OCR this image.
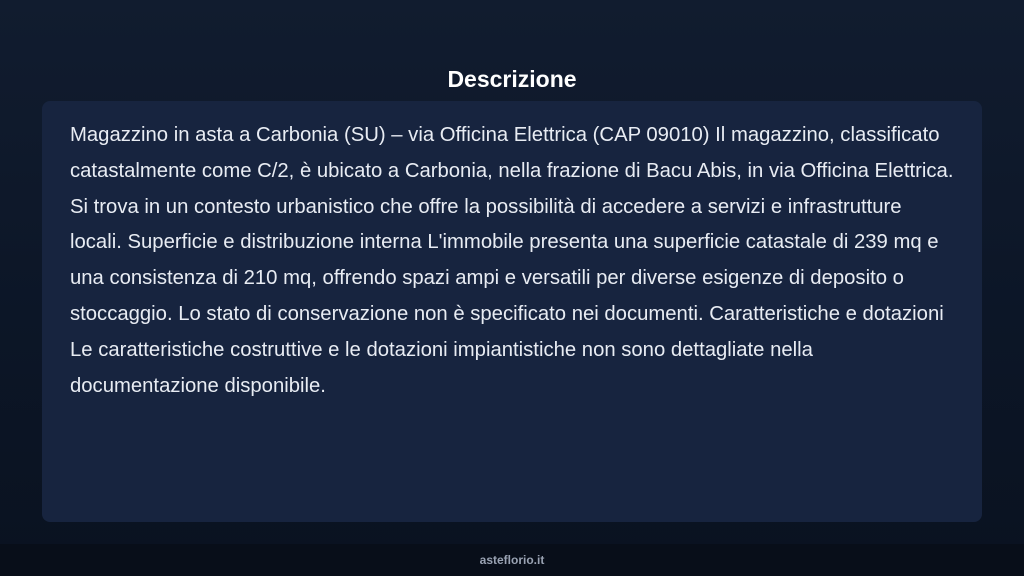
Descrizione

Magazzino in asta a Carbonia (SU) – via Officina Elettrica (CAP 09010) Il magazzino, classificato catastalmente come C/2, è ubicato a Carbonia, nella frazione di Bacu Abis, in via Officina Elettrica. Si trova in un contesto urbanistico che offre la possibilità di accedere a servizi e infrastrutture locali. Superficie e distribuzione interna L'immobile presenta una superficie catastale di 239 mq e una consistenza di 210 mq, offrendo spazi ampi e versatili per diverse esigenze di deposito o stoccaggio. Lo stato di conservazione non è specificato nei documenti. Caratteristiche e dotazioni Le caratteristiche costruttive e le dotazioni impiantistiche non sono dettagliate nella documentazione disponibile.

asteflorio.it
